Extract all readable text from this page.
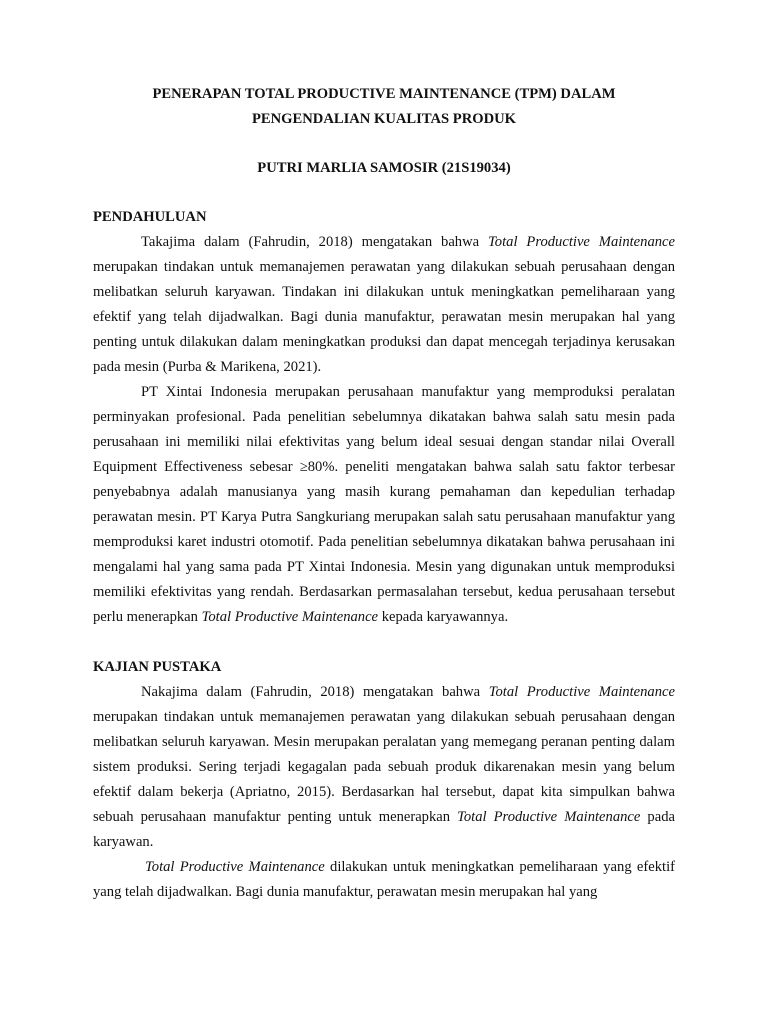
PENERAPAN TOTAL PRODUCTIVE MAINTENANCE (TPM) DALAM
PENGENDALIAN KUALITAS PRODUK

PUTRI MARLIA SAMOSIR (21S19034)

PENDAHULUAN

Takajima dalam (Fahrudin, 2018) mengatakan bahwa Total Productive Maintenance merupakan tindakan untuk memanajemen perawatan yang dilakukan sebuah perusahaan dengan melibatkan seluruh karyawan. Tindakan ini dilakukan untuk meningkatkan pemeliharaan yang efektif yang telah dijadwalkan. Bagi dunia manufaktur, perawatan mesin merupakan hal yang penting untuk dilakukan dalam meningkatkan produksi dan dapat mencegah terjadinya kerusakan pada mesin (Purba & Marikena, 2021).

PT Xintai Indonesia merupakan perusahaan manufaktur yang memproduksi peralatan perminyakan profesional. Pada penelitian sebelumnya dikatakan bahwa salah satu mesin pada perusahaan ini memiliki nilai efektivitas yang belum ideal sesuai dengan standar nilai Overall Equipment Effectiveness sebesar ≥80%. peneliti mengatakan bahwa salah satu faktor terbesar penyebabnya adalah manusianya yang masih kurang pemahaman dan kepedulian terhadap perawatan mesin. PT Karya Putra Sangkuriang merupakan salah satu perusahaan manufaktur yang memproduksi karet industri otomotif. Pada penelitian sebelumnya dikatakan bahwa perusahaan ini mengalami hal yang sama pada PT Xintai Indonesia. Mesin yang digunakan untuk memproduksi memiliki efektivitas yang rendah. Berdasarkan permasalahan tersebut, kedua perusahaan tersebut perlu menerapkan Total Productive Maintenance kepada karyawannya.

KAJIAN PUSTAKA

Nakajima dalam (Fahrudin, 2018) mengatakan bahwa Total Productive Maintenance merupakan tindakan untuk memanajemen perawatan yang dilakukan sebuah perusahaan dengan melibatkan seluruh karyawan. Mesin merupakan peralatan yang memegang peranan penting dalam sistem produksi. Sering terjadi kegagalan pada sebuah produk dikarenakan mesin yang belum efektif dalam bekerja (Apriatno, 2015). Berdasarkan hal tersebut, dapat kita simpulkan bahwa sebuah perusahaan manufaktur penting untuk menerapkan Total Productive Maintenance pada karyawan.

Total Productive Maintenance dilakukan untuk meningkatkan pemeliharaan yang efektif yang telah dijadwalkan. Bagi dunia manufaktur, perawatan mesin merupakan hal yang
